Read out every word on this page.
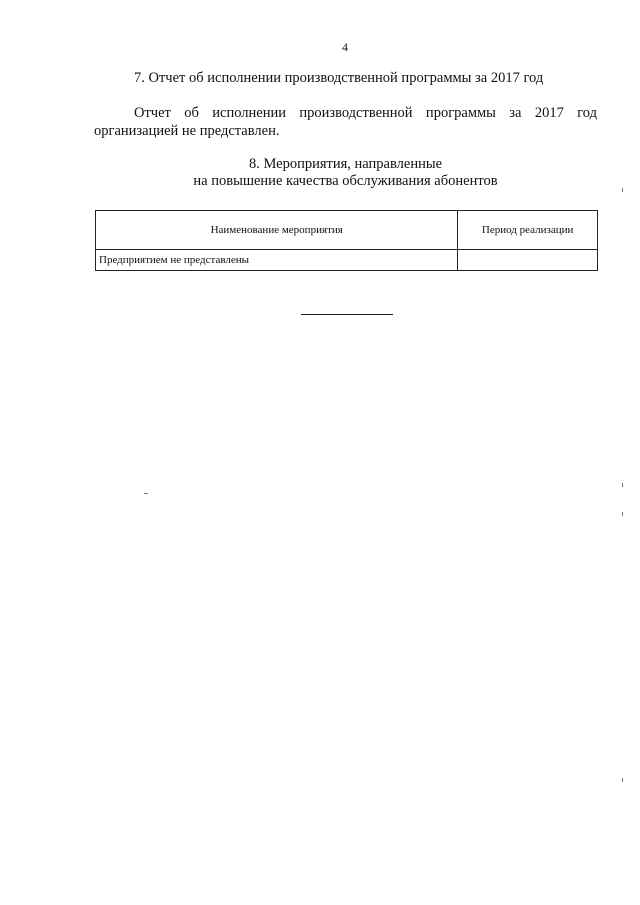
4
7. Отчет об исполнении производственной программы за 2017 год
Отчет об исполнении производственной программы за 2017 год организацией не представлен.
8. Мероприятия, направленные
на повышение качества обслуживания абонентов
Наименование мероприятия	Период реализации
Предприятием не представлены	
